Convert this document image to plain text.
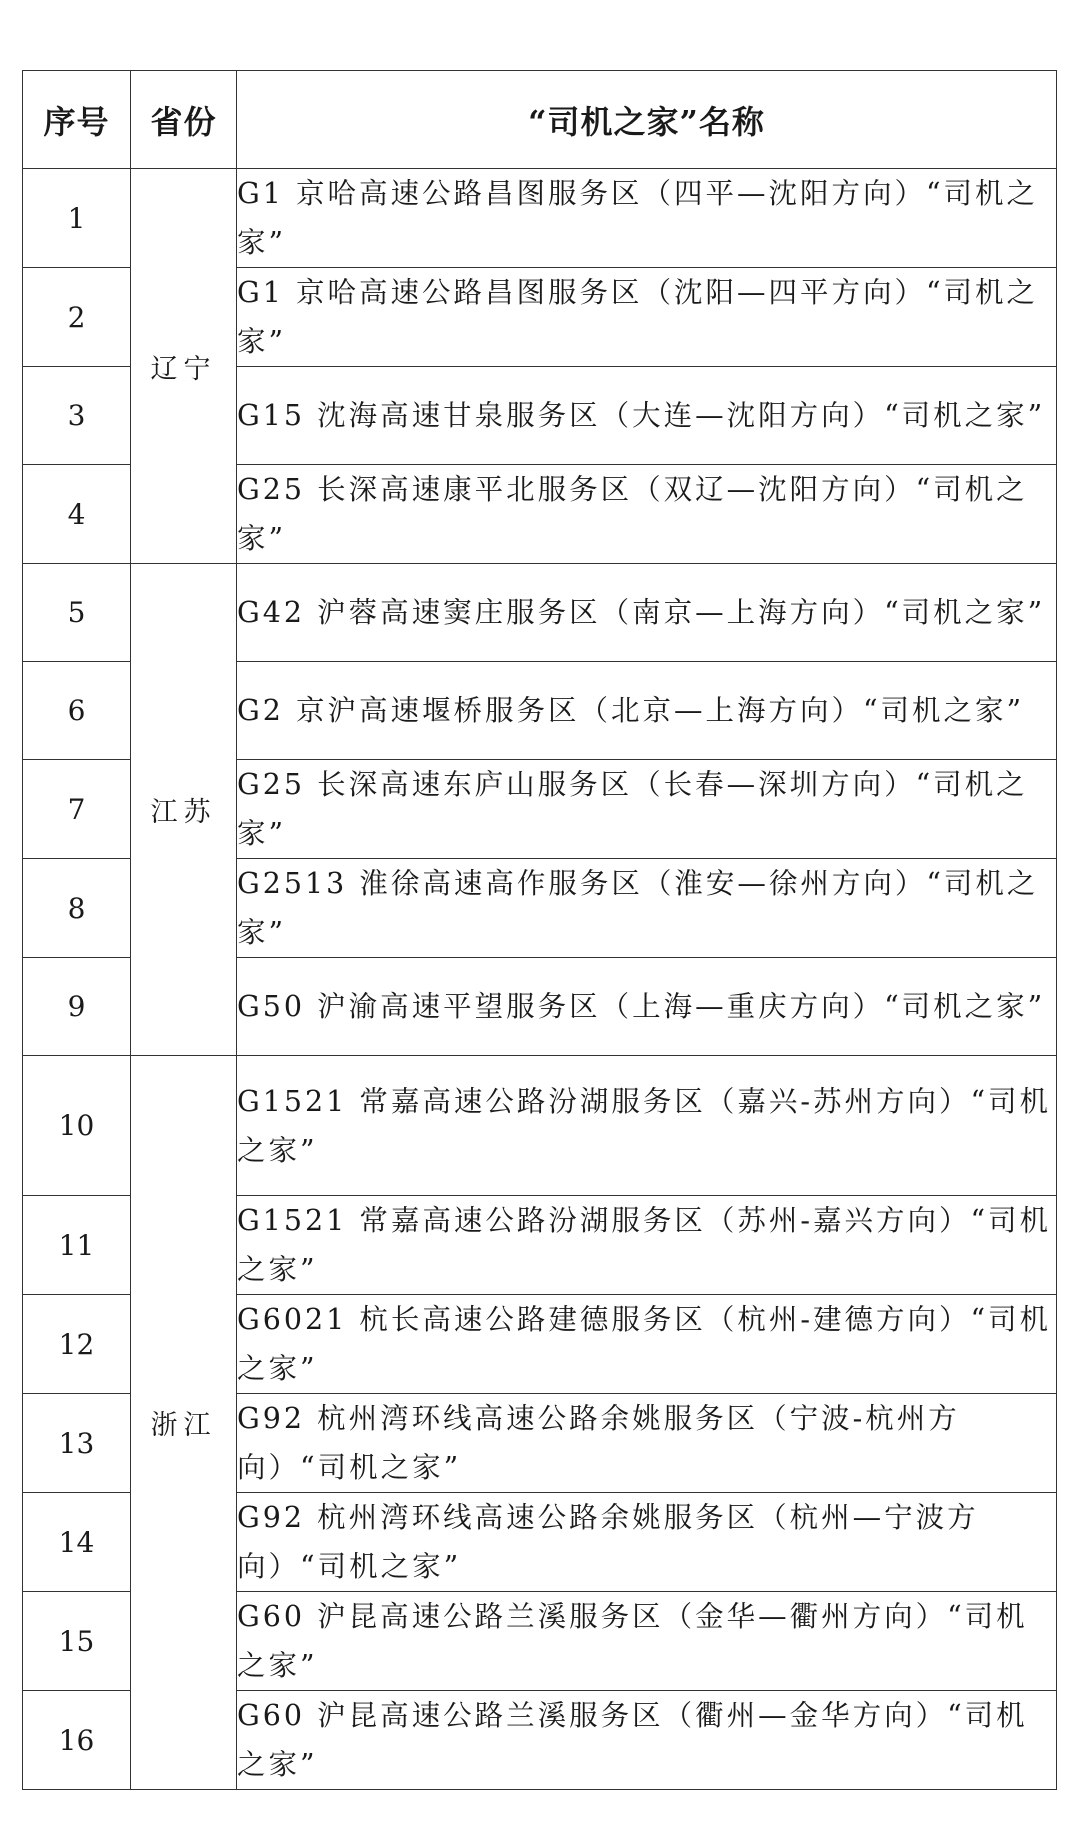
序号	省份	“司机之家”名称
1	辽宁	G1 京哈高速公路昌图服务区（四平—沈阳方向）“司机之家”
2		G1 京哈高速公路昌图服务区（沈阳—四平方向）“司机之家”
3		G15 沈海高速甘泉服务区（大连—沈阳方向）“司机之家”
4		G25 长深高速康平北服务区（双辽—沈阳方向）“司机之家”
5	江苏	G42 沪蓉高速窦庄服务区（南京—上海方向）“司机之家”
6		G2 京沪高速堰桥服务区（北京—上海方向）“司机之家”
7		G25 长深高速东庐山服务区（长春—深圳方向）“司机之家”
8		G2513 淮徐高速高作服务区（淮安—徐州方向）“司机之家”
9		G50 沪渝高速平望服务区（上海—重庆方向）“司机之家”
10	浙江	G1521 常嘉高速公路汾湖服务区（嘉兴-苏州方向）“司机之家”
11		G1521 常嘉高速公路汾湖服务区（苏州-嘉兴方向）“司机之家”
12		G6021 杭长高速公路建德服务区（杭州-建德方向）“司机之家”
13		G92 杭州湾环线高速公路余姚服务区（宁波-杭州方向）“司机之家”
14		G92 杭州湾环线高速公路余姚服务区（杭州—宁波方向）“司机之家”
15		G60 沪昆高速公路兰溪服务区（金华—衢州方向）“司机之家”
16		G60 沪昆高速公路兰溪服务区（衢州—金华方向）“司机之家”
